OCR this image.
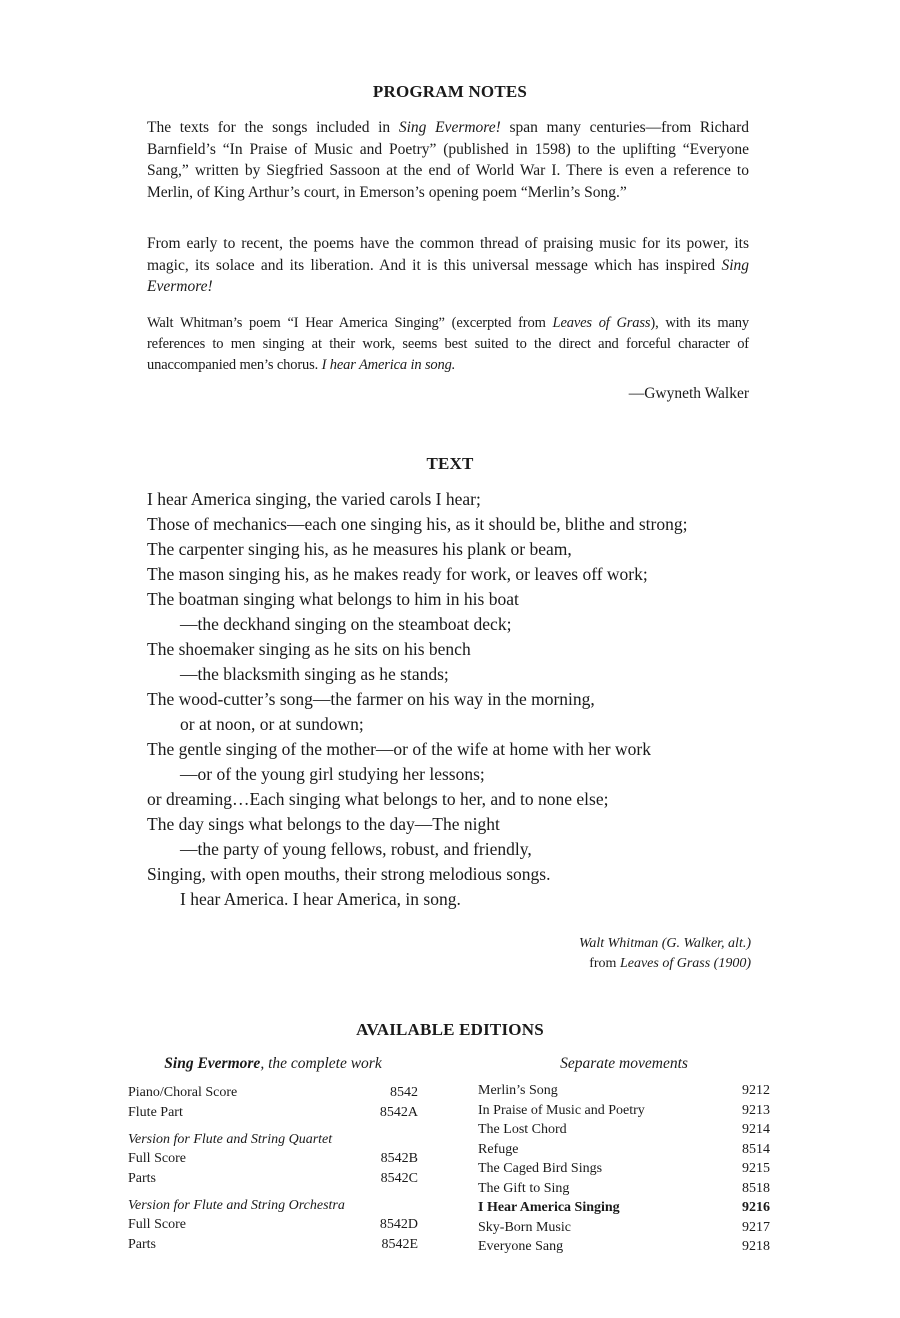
PROGRAM NOTES

The texts for the songs included in Sing Evermore! span many centuries—from Richard Barnfield’s “In Praise of Music and Poetry” (published in 1598) to the uplifting “Everyone Sang,” written by Siegfried Sassoon at the end of World War I. There is even a reference to Merlin, of King Arthur’s court, in Emerson’s opening poem “Merlin’s Song.”

From early to recent, the poems have the common thread of praising music for its power, its magic, its solace and its liberation. And it is this universal message which has inspired Sing Evermore!

Walt Whitman’s poem “I Hear America Singing” (excerpted from Leaves of Grass), with its many references to men singing at their work, seems best suited to the direct and forceful character of unaccompanied men’s chorus. I hear America in song.

—Gwyneth Walker
TEXT
I hear America singing, the varied carols I hear;
Those of mechanics—each one singing his, as it should be, blithe and strong;
The carpenter singing his, as he measures his plank or beam,
The mason singing his, as he makes ready for work, or leaves off work;
The boatman singing what belongs to him in his boat
—the deckhand singing on the steamboat deck;
The shoemaker singing as he sits on his bench
—the blacksmith singing as he stands;
The wood-cutter’s song—the farmer on his way in the morning,
or at noon, or at sundown;
The gentle singing of the mother—or of the wife at home with her work
—or of the young girl studying her lessons;
or dreaming…Each singing what belongs to her, and to none else;
The day sings what belongs to the day—The night
—the party of young fellows, robust, and friendly,
Singing, with open mouths, their strong melodious songs.
I hear America. I hear America, in song.
Walt Whitman (G. Walker, alt.)
from Leaves of Grass (1900)
AVAILABLE EDITIONS
Sing Evermore, the complete work	Separate movements
Piano/Choral Score	8542
Flute Part	8542A
Version for Flute and String Quartet
Full Score	8542B
Parts	8542C
Version for Flute and String Orchestra
Full Score	8542D
Parts	8542E
Merlin’s Song	9212
In Praise of Music and Poetry	9213
The Lost Chord	9214
Refuge	8514
The Caged Bird Sings	9215
The Gift to Sing	8518
I Hear America Singing	9216
Sky-Born Music	9217
Everyone Sang	9218
